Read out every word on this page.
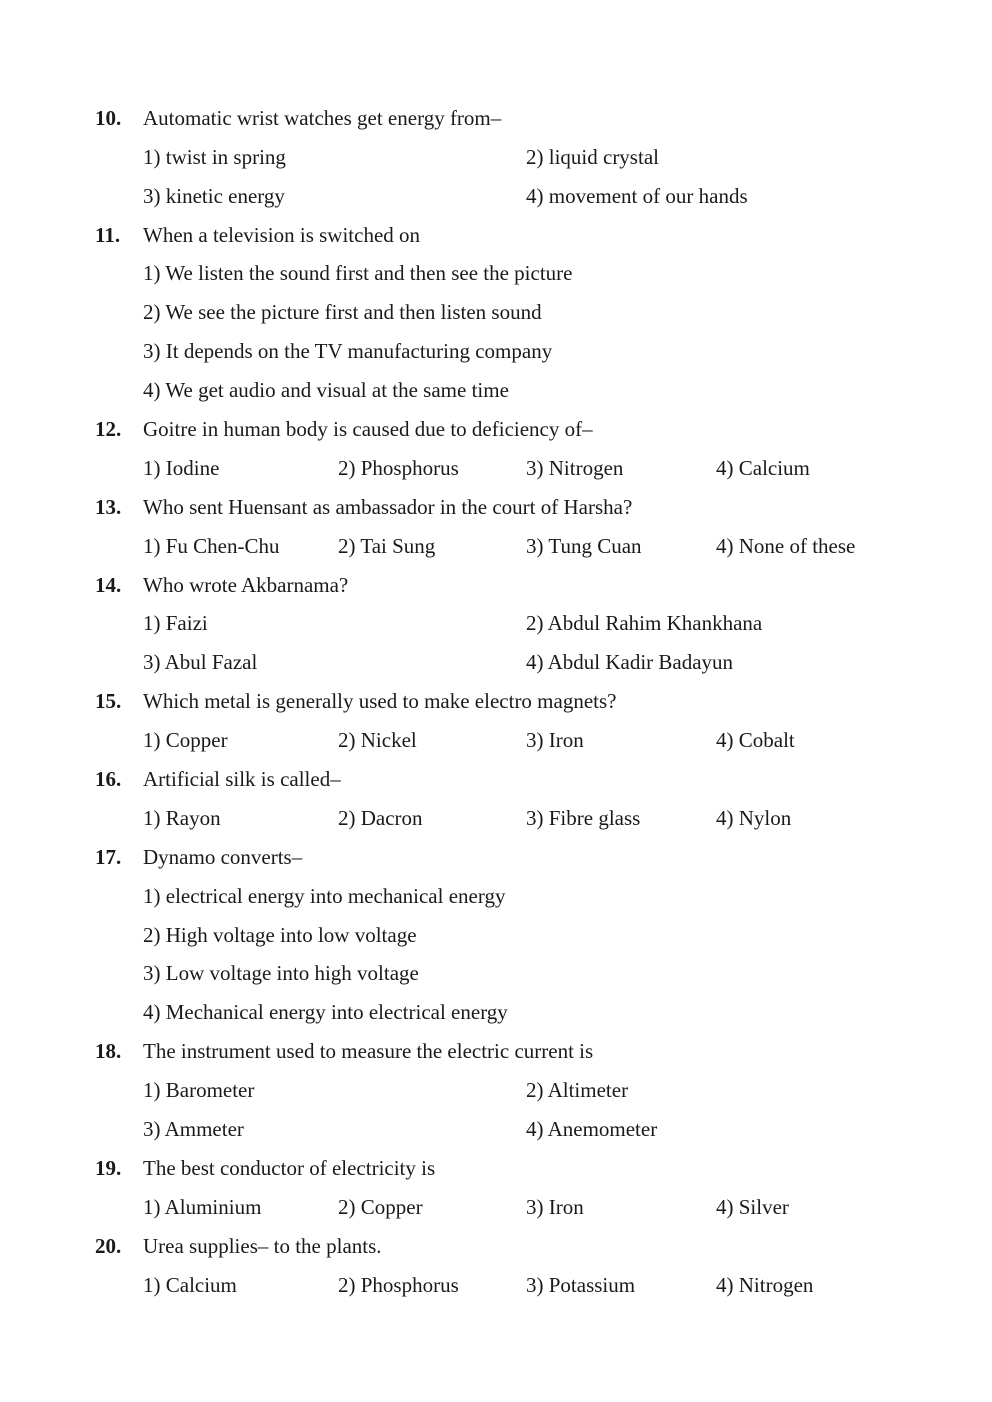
10. Automatic wrist watches get energy from–
1) twist in spring	2) liquid crystal
3) kinetic energy	4) movement of our hands
11. When a television is switched on
1) We listen the sound first and then see the picture
2) We see the picture first and then listen sound
3) It depends on the TV manufacturing company
4) We get audio and visual at the same time
12. Goitre in human body is caused due to deficiency of–
1) Iodine	2) Phosphorus	3) Nitrogen	4) Calcium
13. Who sent Huensant as ambassador in the court of Harsha?
1) Fu Chen-Chu	2) Tai Sung	3) Tung Cuan	4) None of these
14. Who wrote Akbarnama?
1) Faizi	2) Abdul Rahim Khankhana
3) Abul Fazal	4) Abdul Kadir Badayun
15. Which metal is generally used to make electro magnets?
1) Copper	2) Nickel	3) Iron	4) Cobalt
16. Artificial silk is called–
1) Rayon	2) Dacron	3) Fibre glass	4) Nylon
17. Dynamo converts–
1) electrical energy into mechanical energy
2) High voltage into low voltage
3) Low voltage into high voltage
4) Mechanical energy into electrical energy
18. The instrument used to measure the electric current is
1) Barometer	2) Altimeter
3) Ammeter	4) Anemometer
19. The best conductor of electricity is
1) Aluminium	2) Copper	3) Iron	4) Silver
20. Urea supplies– to the plants.
1) Calcium	2) Phosphorus	3) Potassium	4) Nitrogen
